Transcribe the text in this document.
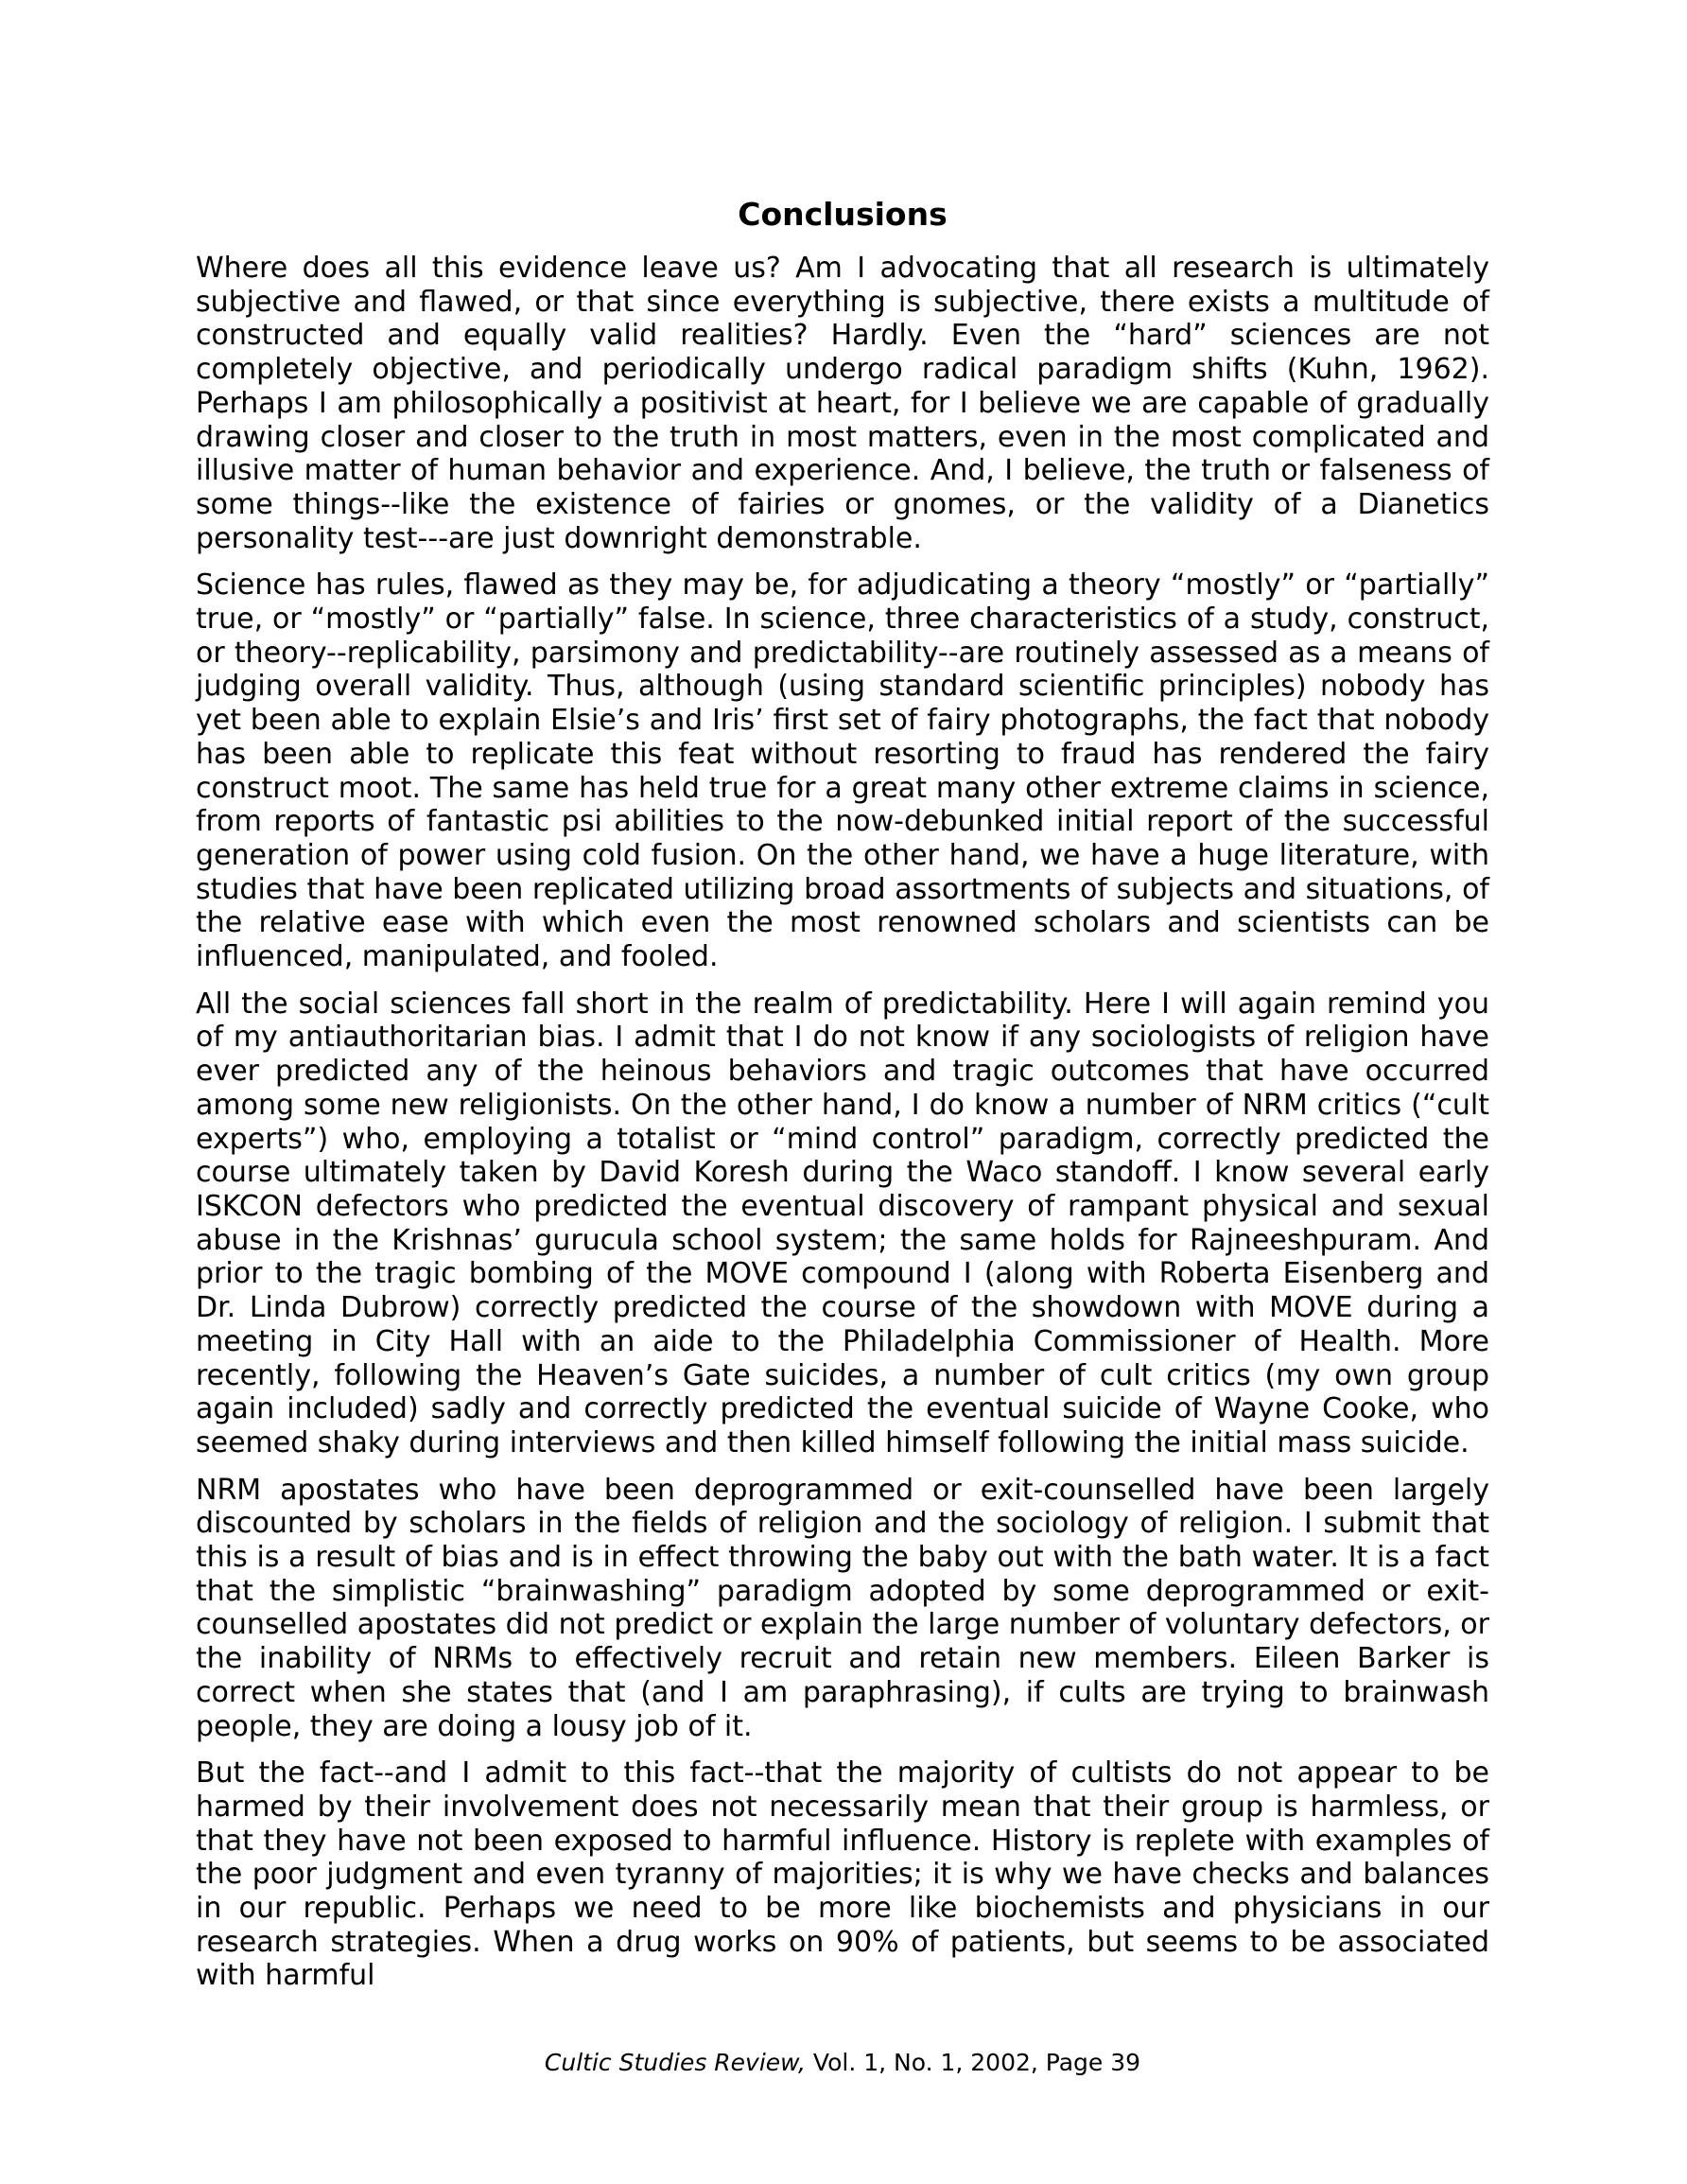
Conclusions

Where does all this evidence leave us? Am I advocating that all research is ultimately subjective and flawed, or that since everything is subjective, there exists a multitude of constructed and equally valid realities? Hardly. Even the “hard” sciences are not completely objective, and periodically undergo radical paradigm shifts (Kuhn, 1962). Perhaps I am philosophically a positivist at heart, for I believe we are capable of gradually drawing closer and closer to the truth in most matters, even in the most complicated and illusive matter of human behavior and experience. And, I believe, the truth or falseness of some things--like the existence of fairies or gnomes, or the validity of a Dianetics personality test---are just downright demonstrable.

Science has rules, flawed as they may be, for adjudicating a theory “mostly” or “partially” true, or “mostly” or “partially” false. In science, three characteristics of a study, construct, or theory--replicability, parsimony and predictability--are routinely assessed as a means of judging overall validity. Thus, although (using standard scientific principles) nobody has yet been able to explain Elsie’s and Iris’ first set of fairy photographs, the fact that nobody has been able to replicate this feat without resorting to fraud has rendered the fairy construct moot. The same has held true for a great many other extreme claims in science, from reports of fantastic psi abilities to the now-debunked initial report of the successful generation of power using cold fusion. On the other hand, we have a huge literature, with studies that have been replicated utilizing broad assortments of subjects and situations, of the relative ease with which even the most renowned scholars and scientists can be influenced, manipulated, and fooled.

All the social sciences fall short in the realm of predictability. Here I will again remind you of my antiauthoritarian bias. I admit that I do not know if any sociologists of religion have ever predicted any of the heinous behaviors and tragic outcomes that have occurred among some new religionists. On the other hand, I do know a number of NRM critics (“cult experts”) who, employing a totalist or “mind control” paradigm, correctly predicted the course ultimately taken by David Koresh during the Waco standoff. I know several early ISKCON defectors who predicted the eventual discovery of rampant physical and sexual abuse in the Krishnas’ gurucula school system; the same holds for Rajneeshpuram. And prior to the tragic bombing of the MOVE compound I (along with Roberta Eisenberg and Dr. Linda Dubrow) correctly predicted the course of the showdown with MOVE during a meeting in City Hall with an aide to the Philadelphia Commissioner of Health. More recently, following the Heaven’s Gate suicides, a number of cult critics (my own group again included) sadly and correctly predicted the eventual suicide of Wayne Cooke, who seemed shaky during interviews and then killed himself following the initial mass suicide.

NRM apostates who have been deprogrammed or exit-counselled have been largely discounted by scholars in the fields of religion and the sociology of religion. I submit that this is a result of bias and is in effect throwing the baby out with the bath water. It is a fact that the simplistic “brainwashing” paradigm adopted by some deprogrammed or exit-counselled apostates did not predict or explain the large number of voluntary defectors, or the inability of NRMs to effectively recruit and retain new members. Eileen Barker is correct when she states that (and I am paraphrasing), if cults are trying to brainwash people, they are doing a lousy job of it.

But the fact--and I admit to this fact--that the majority of cultists do not appear to be harmed by their involvement does not necessarily mean that their group is harmless, or that they have not been exposed to harmful influence. History is replete with examples of the poor judgment and even tyranny of majorities; it is why we have checks and balances in our republic. Perhaps we need to be more like biochemists and physicians in our research strategies. When a drug works on 90% of patients, but seems to be associated with harmful

Cultic Studies Review, Vol. 1, No. 1, 2002, Page 39
